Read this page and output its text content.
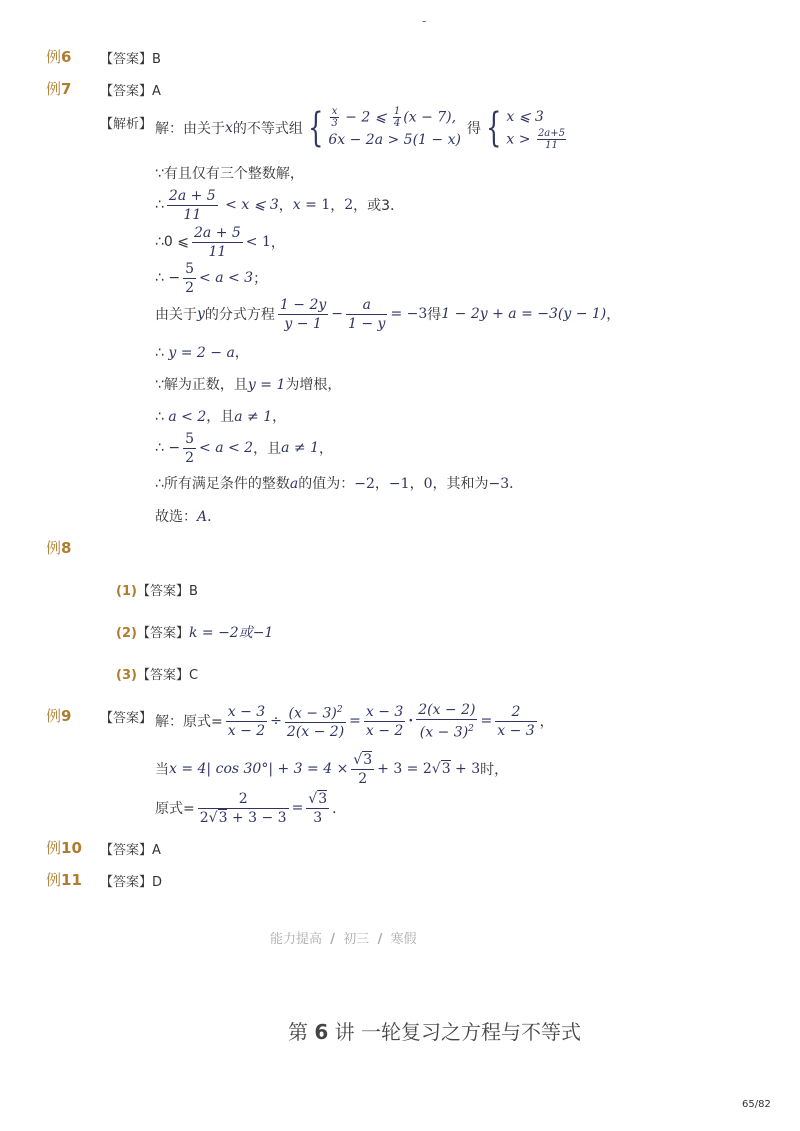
-
例6 【答案】B
例7 【答案】A
【解析】 解：由关于 x 的不等式组 { $\frac{x}{3} - 2$ ⩽ $\frac{1}{4} (x - 7)$,
6x − 2a > 5(1 − x)
得 { x ⩽ 3
$x > \frac{2a+5}{11}$
∵有且仅有三个整数解，
∴ $\frac{2a + 5}{11} < x$ ⩽ 3 ， x = 1 ， 2 ，或3．
∴0 ⩽ $\frac{2a + 5}{11} < 1$ ，
∴ − $\frac{5}{2} < a < 3$ ；
由关于 y 的分式方程 $\frac{1 - 2y}{y - 1} - \frac{a}{1 - y} = -3$ 得 1 − 2y + a = −3(y − 1) ，
∴ y = 2 − a，
∵解为正数，且y = 1为增根，
∴ a < 2，且a ≠ 1，
∴ − $\frac{5}{2} < a < 2$ ，且 a ≠ 1 ，
∴所有满足条件的整数a的值为：−2，−1，0，其和为−3．
故选：A．
例8
(1)【答案】B
(2)【答案】k = −2或−1
(3)【答案】C
例9 【答案】 解：原式= $\frac{x - 3}{x - 2} \div \frac{(x - 3)^2}{2(x - 2)} = \frac{x - 3}{x - 2} \cdot \frac{2(x - 2)}{(x - 3)^2} = \frac{2}{x - 3}$ ，
当 x = 4| $\cos 30^\circ| + 3 = 4 \times \frac{√3}{2} + 3 = 2√3 + 3$ 时，
原式= $\frac{2}{2√3 + 3 - 3} = \frac{√3}{3}$ ．
例10 【答案】A
例11 【答案】D
能力提高 / 初三 / 寒假
第 6 讲 一轮复习之方程与不等式
65/82
